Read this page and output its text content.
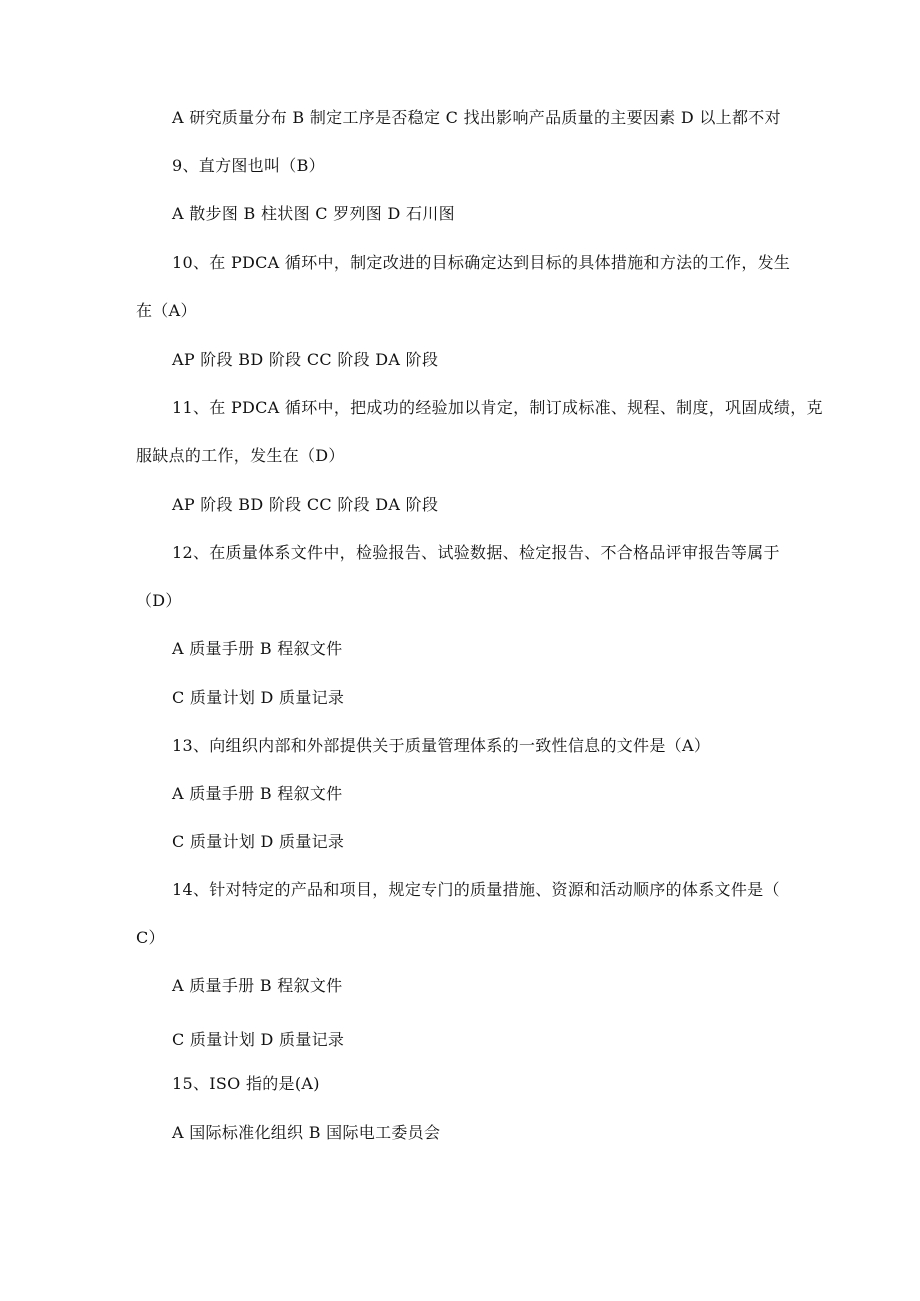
A 研究质量分布 B 制定工序是否稳定 C 找出影响产品质量的主要因素 D 以上都不对
9、直方图也叫（B）
A 散步图 B 柱状图 C 罗列图 D 石川图
10、在 PDCA 循环中，制定改进的目标确定达到目标的具体措施和方法的工作，发生
在（A）
AP 阶段 BD 阶段 CC 阶段 DA 阶段
11、在 PDCA 循环中，把成功的经验加以肯定，制订成标准、规程、制度，巩固成绩，克
服缺点的工作，发生在（D）
AP 阶段 BD 阶段 CC 阶段 DA 阶段
12、在质量体系文件中，检验报告、试验数据、检定报告、不合格品评审报告等属于
（D）
A 质量手册 B 程叙文件
C 质量计划 D 质量记录
13、向组织内部和外部提供关于质量管理体系的一致性信息的文件是（A）
A 质量手册 B 程叙文件
C 质量计划 D 质量记录
14、针对特定的产品和项目，规定专门的质量措施、资源和活动顺序的体系文件是（
C）
A 质量手册 B 程叙文件
C 质量计划 D 质量记录
15、ISO 指的是(A)
A 国际标准化组织 B 国际电工委员会
